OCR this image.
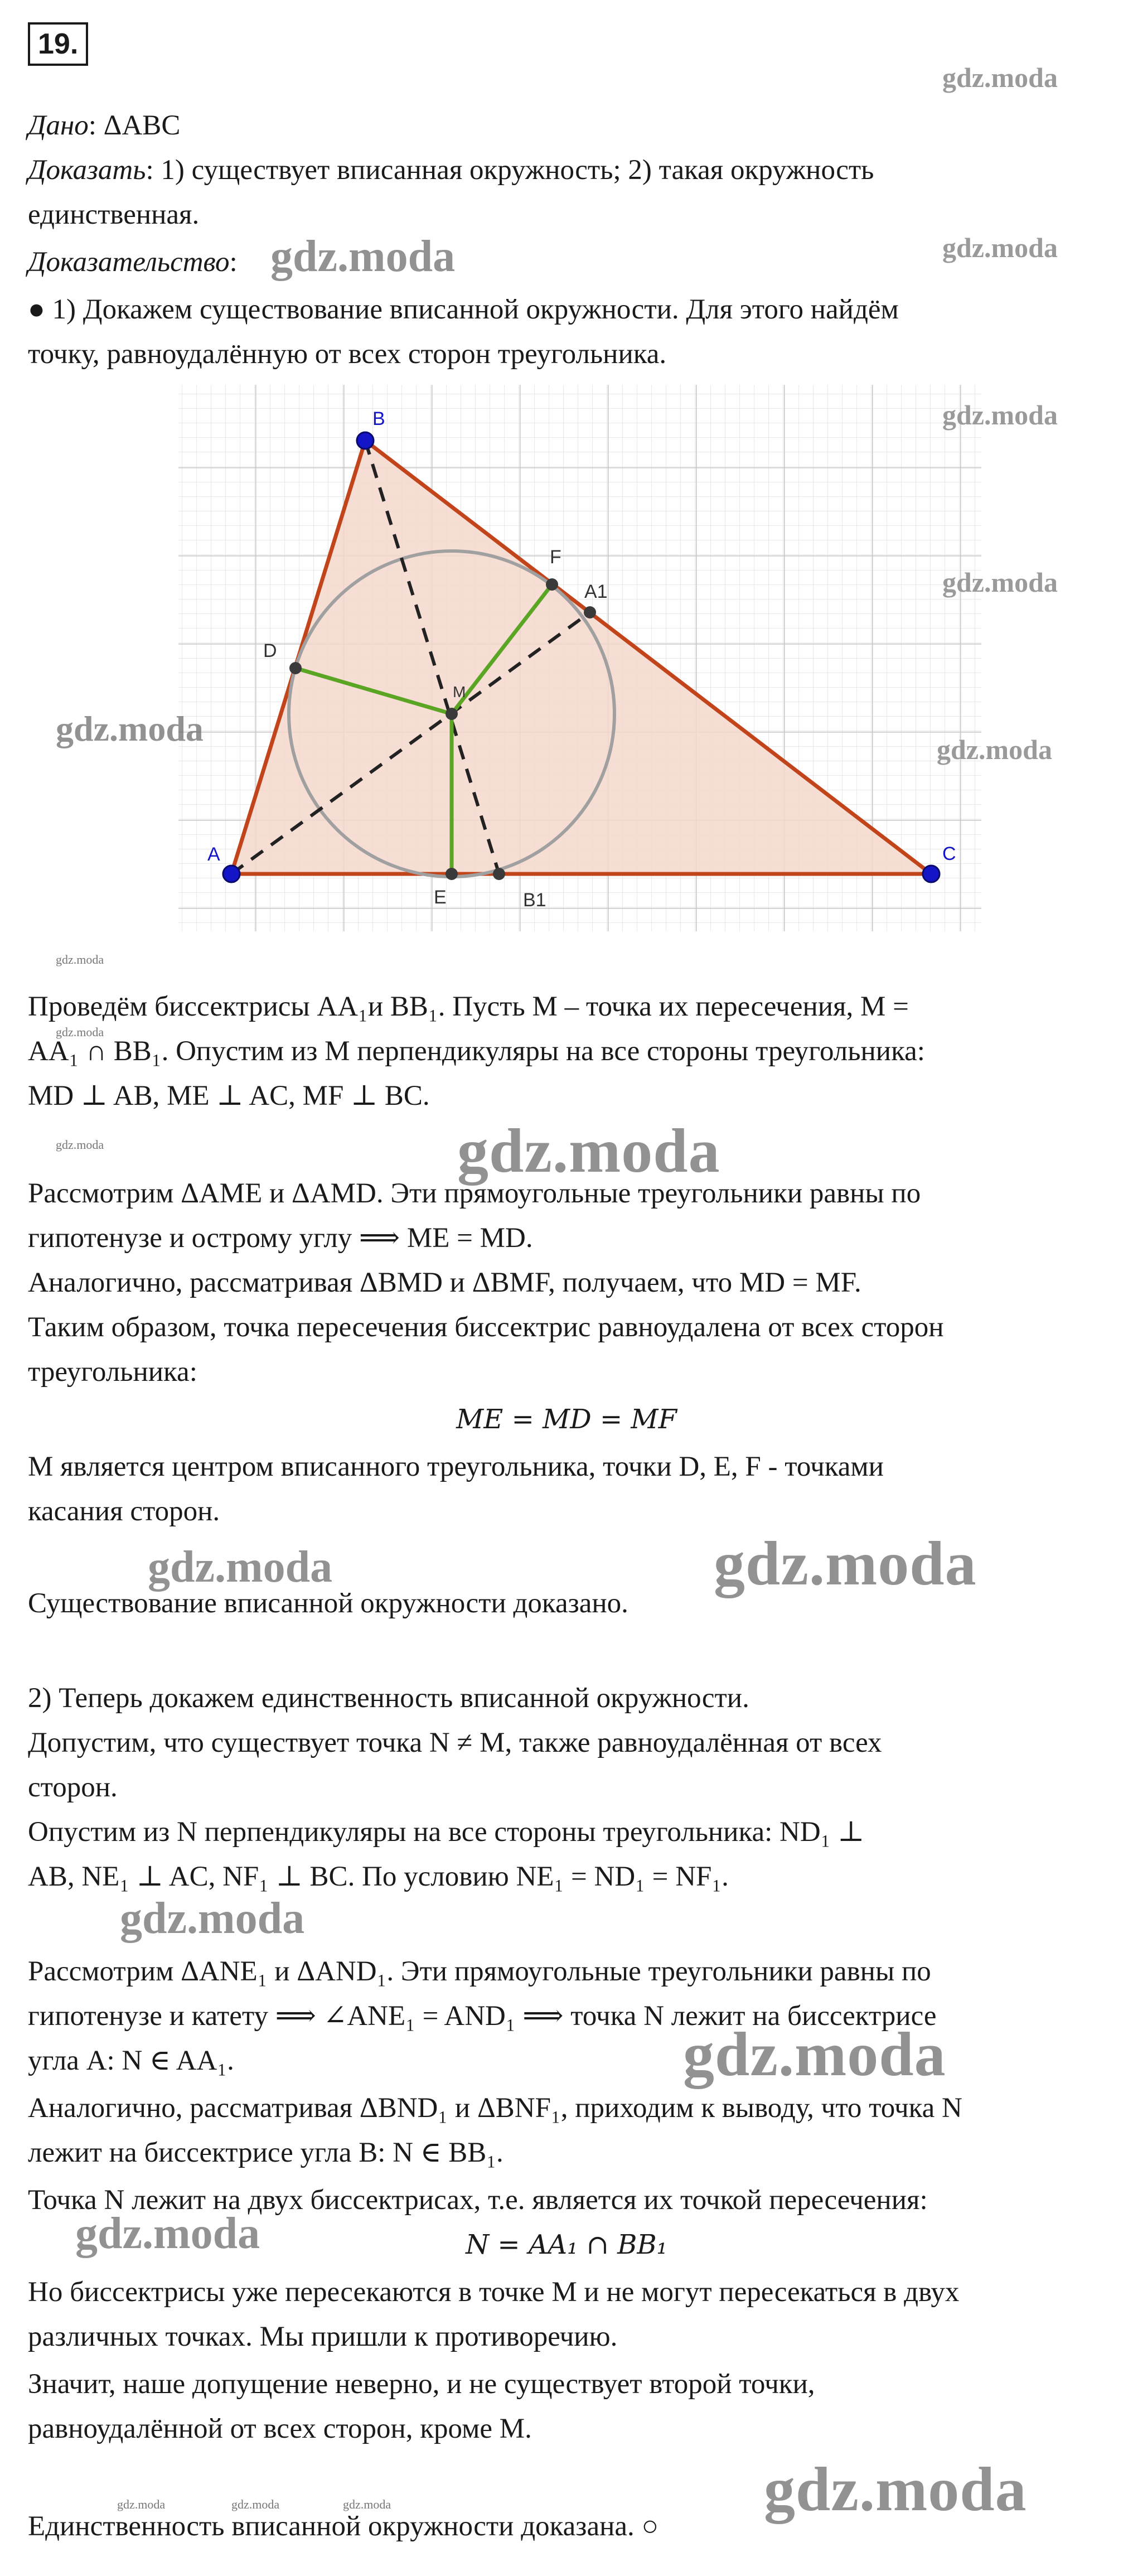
19.
Дано: ΔABC
Доказать: 1) существует вписанная окружность; 2) такая окружность
единственная.
Доказательство:
● 1) Докажем существование вписанной окружности. Для этого найдём
точку, равноудалённую от всех сторон треугольника.
A
B
C
D
E
F
M
A1
B1
Проведём биссектрисы AA₁и BB₁. Пусть М – точка их пересечения, M =
AA₁ ∩ BB₁. Опустим из М перпендикуляры на все стороны треугольника:
MD ⊥ AB, ME ⊥ AC, MF ⊥ BC.
Рассмотрим ΔAME и ΔAMD. Эти прямоугольные треугольники равны по
гипотенузе и острому углу ⟹ ME = MD.
Аналогично, рассматривая ΔBMD и ΔBMF, получаем, что MD = MF.
Таким образом, точка пересечения биссектрис равноудалена от всех сторон
треугольника:
ME = MD = MF
M является центром вписанного треугольника, точки D, E, F - точками
касания сторон.
Существование вписанной окружности доказано.
2) Теперь докажем единственность вписанной окружности.
Допустим, что существует точка N ≠ M, также равноудалённая от всех
сторон.
Опустим из N перпендикуляры на все стороны треугольника: ND₁ ⊥
AB, NE₁ ⊥ AC, NF₁ ⊥ BC. По условию NE₁ = ND₁ = NF₁.
Рассмотрим ΔANE₁ и ΔAND₁. Эти прямоугольные треугольники равны по
гипотенузе и катету ⟹ ∠ANE₁ = AND₁ ⟹ точка N лежит на биссектрисе
угла A: N ∈ AA₁.
Аналогично, рассматривая ΔBND₁ и ΔBNF₁, приходим к выводу, что точка N
лежит на биссектрисе угла B: N ∈ BB₁.
Точка N лежит на двух биссектрисах, т.е. является их точкой пересечения:
N = AA₁ ∩ BB₁
Но биссектрисы уже пересекаются в точке M и не могут пересекаться в двух
различных точках. Мы пришли к противоречию.
Значит, наше допущение неверно, и не существует второй точки,
равноудалённой от всех сторон, кроме M.
Единственность вписанной окружности доказана. ○
gdz.moda
gdz.moda
gdz.moda
gdz.moda
gdz.moda
gdz.moda
gdz.moda
gdz.moda
gdz.moda
gdz.moda	gdz.moda
gdz.moda	gdz.moda
gdz.moda
gdz.moda
gdz.moda
gdz.moda
gdz.moda	gdz.moda	gdz.moda
